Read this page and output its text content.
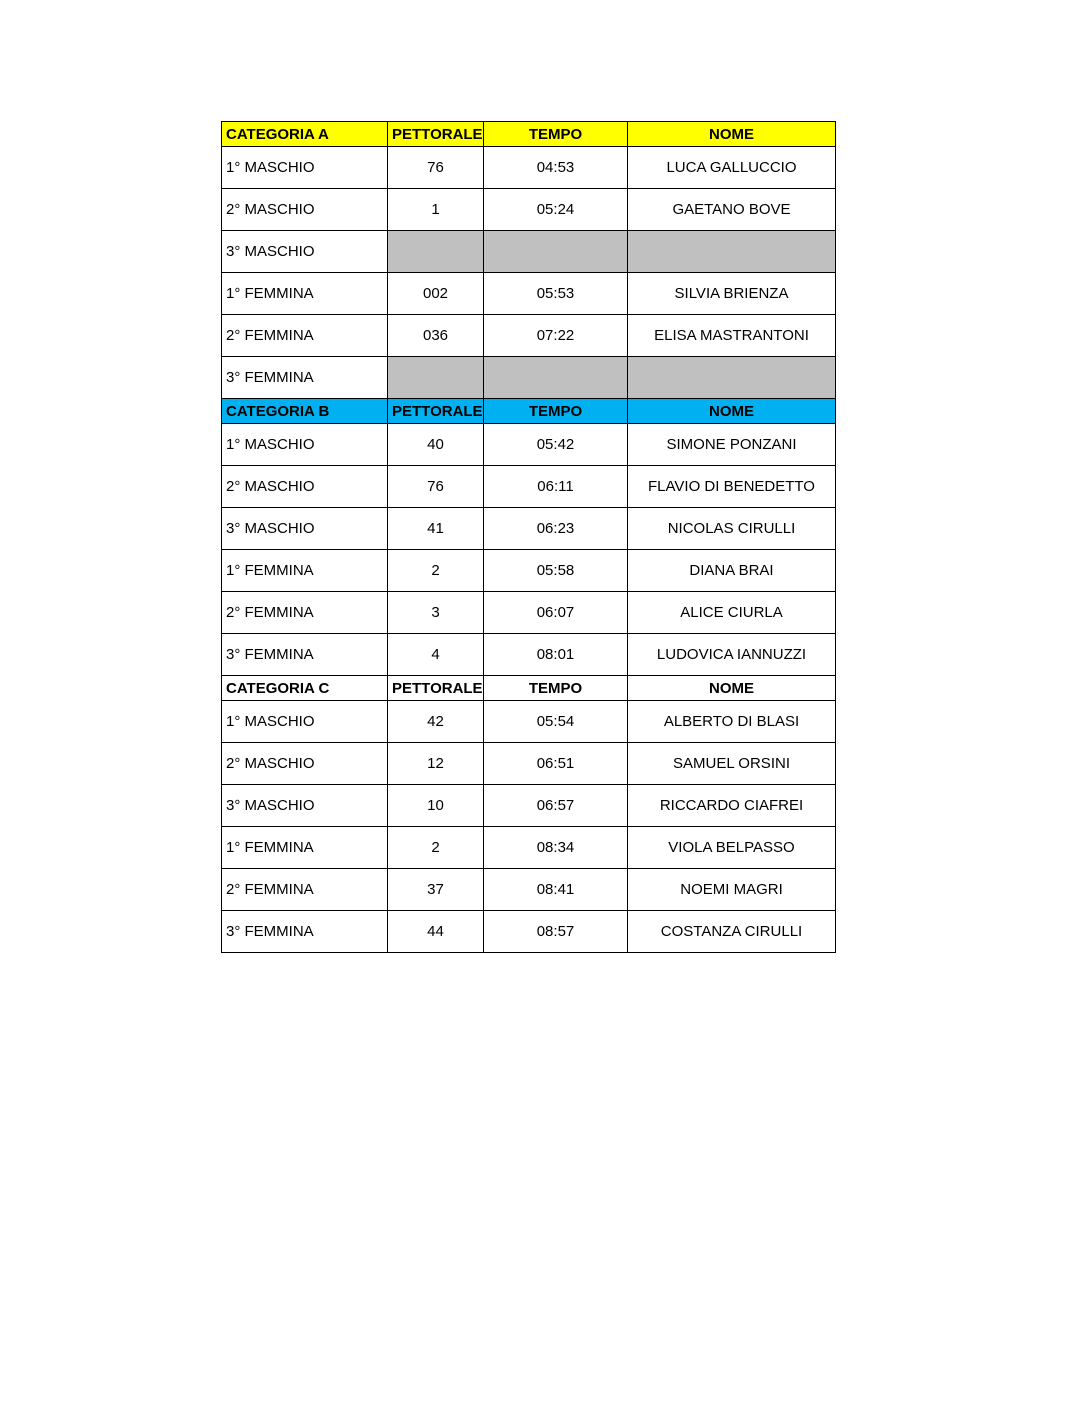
CATEGORIA A	PETTORALE	TEMPO	NOME
1° MASCHIO	76	04:53	LUCA GALLUCCIO
2° MASCHIO	1	05:24	GAETANO BOVE
3° MASCHIO			
1° FEMMINA	002	05:53	SILVIA BRIENZA
2° FEMMINA	036	07:22	ELISA MASTRANTONI
3° FEMMINA			
CATEGORIA B	PETTORALE	TEMPO	NOME
1° MASCHIO	40	05:42	SIMONE PONZANI
2° MASCHIO	76	06:11	FLAVIO DI BENEDETTO
3° MASCHIO	41	06:23	NICOLAS CIRULLI
1° FEMMINA	2	05:58	DIANA BRAI
2° FEMMINA	3	06:07	ALICE CIURLA
3° FEMMINA	4	08:01	LUDOVICA IANNUZZI
CATEGORIA C	PETTORALE	TEMPO	NOME
1° MASCHIO	42	05:54	ALBERTO DI BLASI
2° MASCHIO	12	06:51	SAMUEL ORSINI
3° MASCHIO	10	06:57	RICCARDO CIAFREI
1° FEMMINA	2	08:34	VIOLA BELPASSO
2° FEMMINA	37	08:41	NOEMI MAGRI
3° FEMMINA	44	08:57	COSTANZA CIRULLI
